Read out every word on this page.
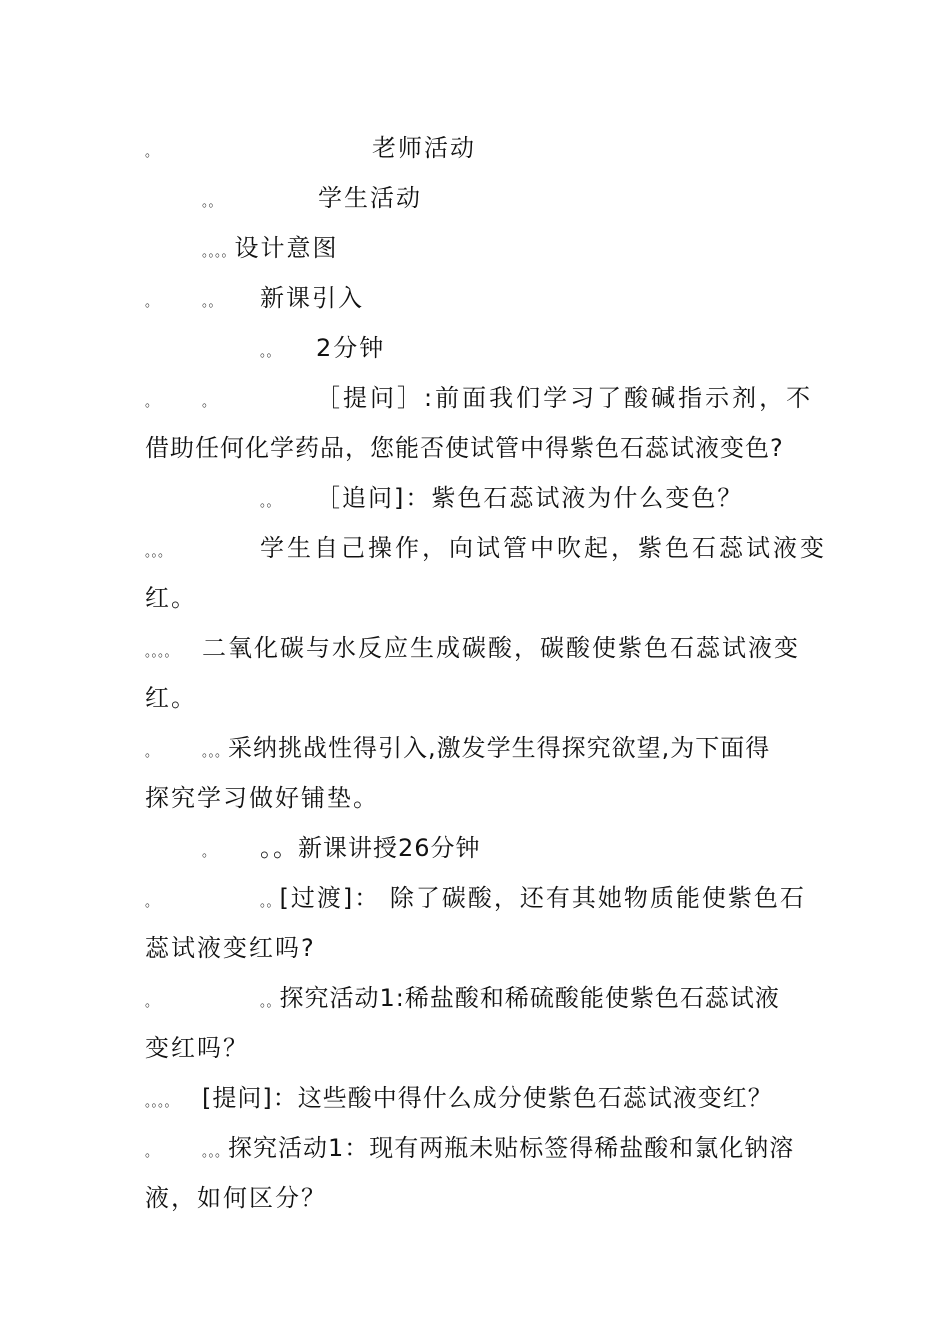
。	老师活动
。。	学生活动
。。。。设计意图
。	。。 新课引入
。。 2分钟
。	。	［提问］:前面我们学习了酸碱指示剂，不
借助任何化学药品，您能否使试管中得紫色石蕊试液变色?
。。 ［追问]：紫色石蕊试液为什么变色？
。。。	学生自己操作，向试管中吹起，紫色石蕊试液变
红。
。。。。 二氧化碳与水反应生成碳酸，碳酸使紫色石蕊试液变
红。
。	。。。采纳挑战性得引入,激发学生得探究欲望,为下面得
探究学习做好铺垫。
。 。。新课讲授26分钟
。	。。[过渡]： 除了碳酸，还有其她物质能使紫色石
蕊试液变红吗?
。	。。探究活动1:稀盐酸和稀硫酸能使紫色石蕊试液
变红吗？
。。。。 [提问]：这些酸中得什么成分使紫色石蕊试液变红？
。	。。。探究活动1：现有两瓶未贴标签得稀盐酸和氯化钠溶
液，如何区分？
